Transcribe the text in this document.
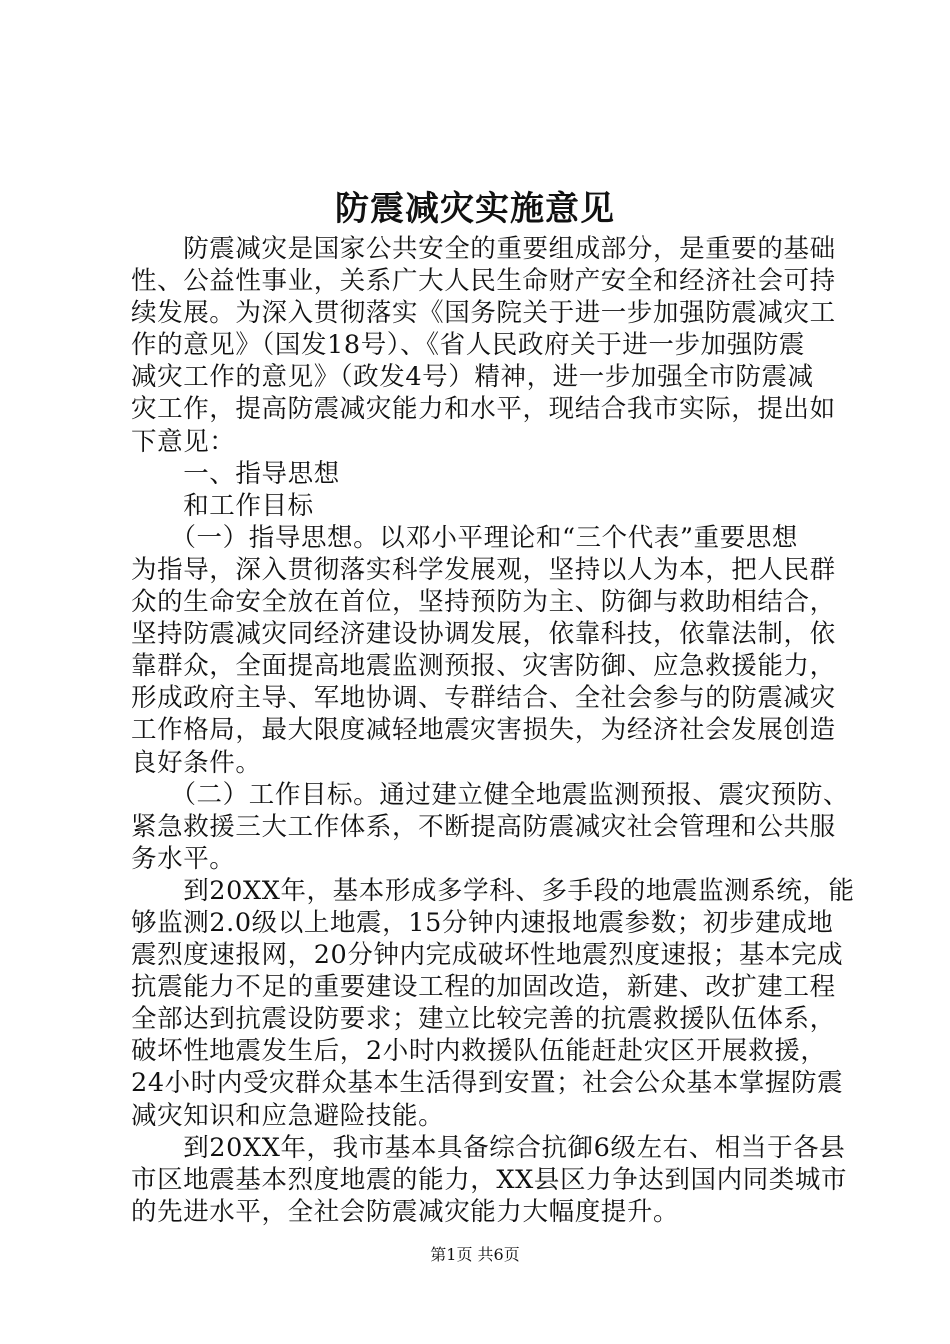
防震减灾实施意见
　　防震减灾是国家公共安全的重要组成部分，是重要的基础
性、公益性事业，关系广大人民生命财产安全和经济社会可持
续发展。为深入贯彻落实《国务院关于进一步加强防震减灾工
作的意见》（国发18号）、《省人民政府关于进一步加强防震
减灾工作的意见》（政发4号）精神，进一步加强全市防震减
灾工作，提高防震减灾能力和水平，现结合我市实际，提出如
下意见：
　　一、指导思想
　　和工作目标
　　（一）指导思想。以邓小平理论和“三个代表”重要思想
为指导，深入贯彻落实科学发展观，坚持以人为本，把人民群
众的生命安全放在首位，坚持预防为主、防御与救助相结合，
坚持防震减灾同经济建设协调发展，依靠科技，依靠法制，依
靠群众，全面提高地震监测预报、灾害防御、应急救援能力，
形成政府主导、军地协调、专群结合、全社会参与的防震减灾
工作格局，最大限度减轻地震灾害损失，为经济社会发展创造
良好条件。
　　（二）工作目标。通过建立健全地震监测预报、震灾预防、
紧急救援三大工作体系，不断提高防震减灾社会管理和公共服
务水平。
　　到20XX年，基本形成多学科、多手段的地震监测系统，能
够监测2.0级以上地震，15分钟内速报地震参数；初步建成地
震烈度速报网，20分钟内完成破坏性地震烈度速报；基本完成
抗震能力不足的重要建设工程的加固改造，新建、改扩建工程
全部达到抗震设防要求；建立比较完善的抗震救援队伍体系，
破坏性地震发生后，2小时内救援队伍能赶赴灾区开展救援，
24小时内受灾群众基本生活得到安置；社会公众基本掌握防震
减灾知识和应急避险技能。
　　到20XX年，我市基本具备综合抗御6级左右、相当于各县
市区地震基本烈度地震的能力，XX县区力争达到国内同类城市
的先进水平，全社会防震减灾能力大幅度提升。
第1页 共6页
